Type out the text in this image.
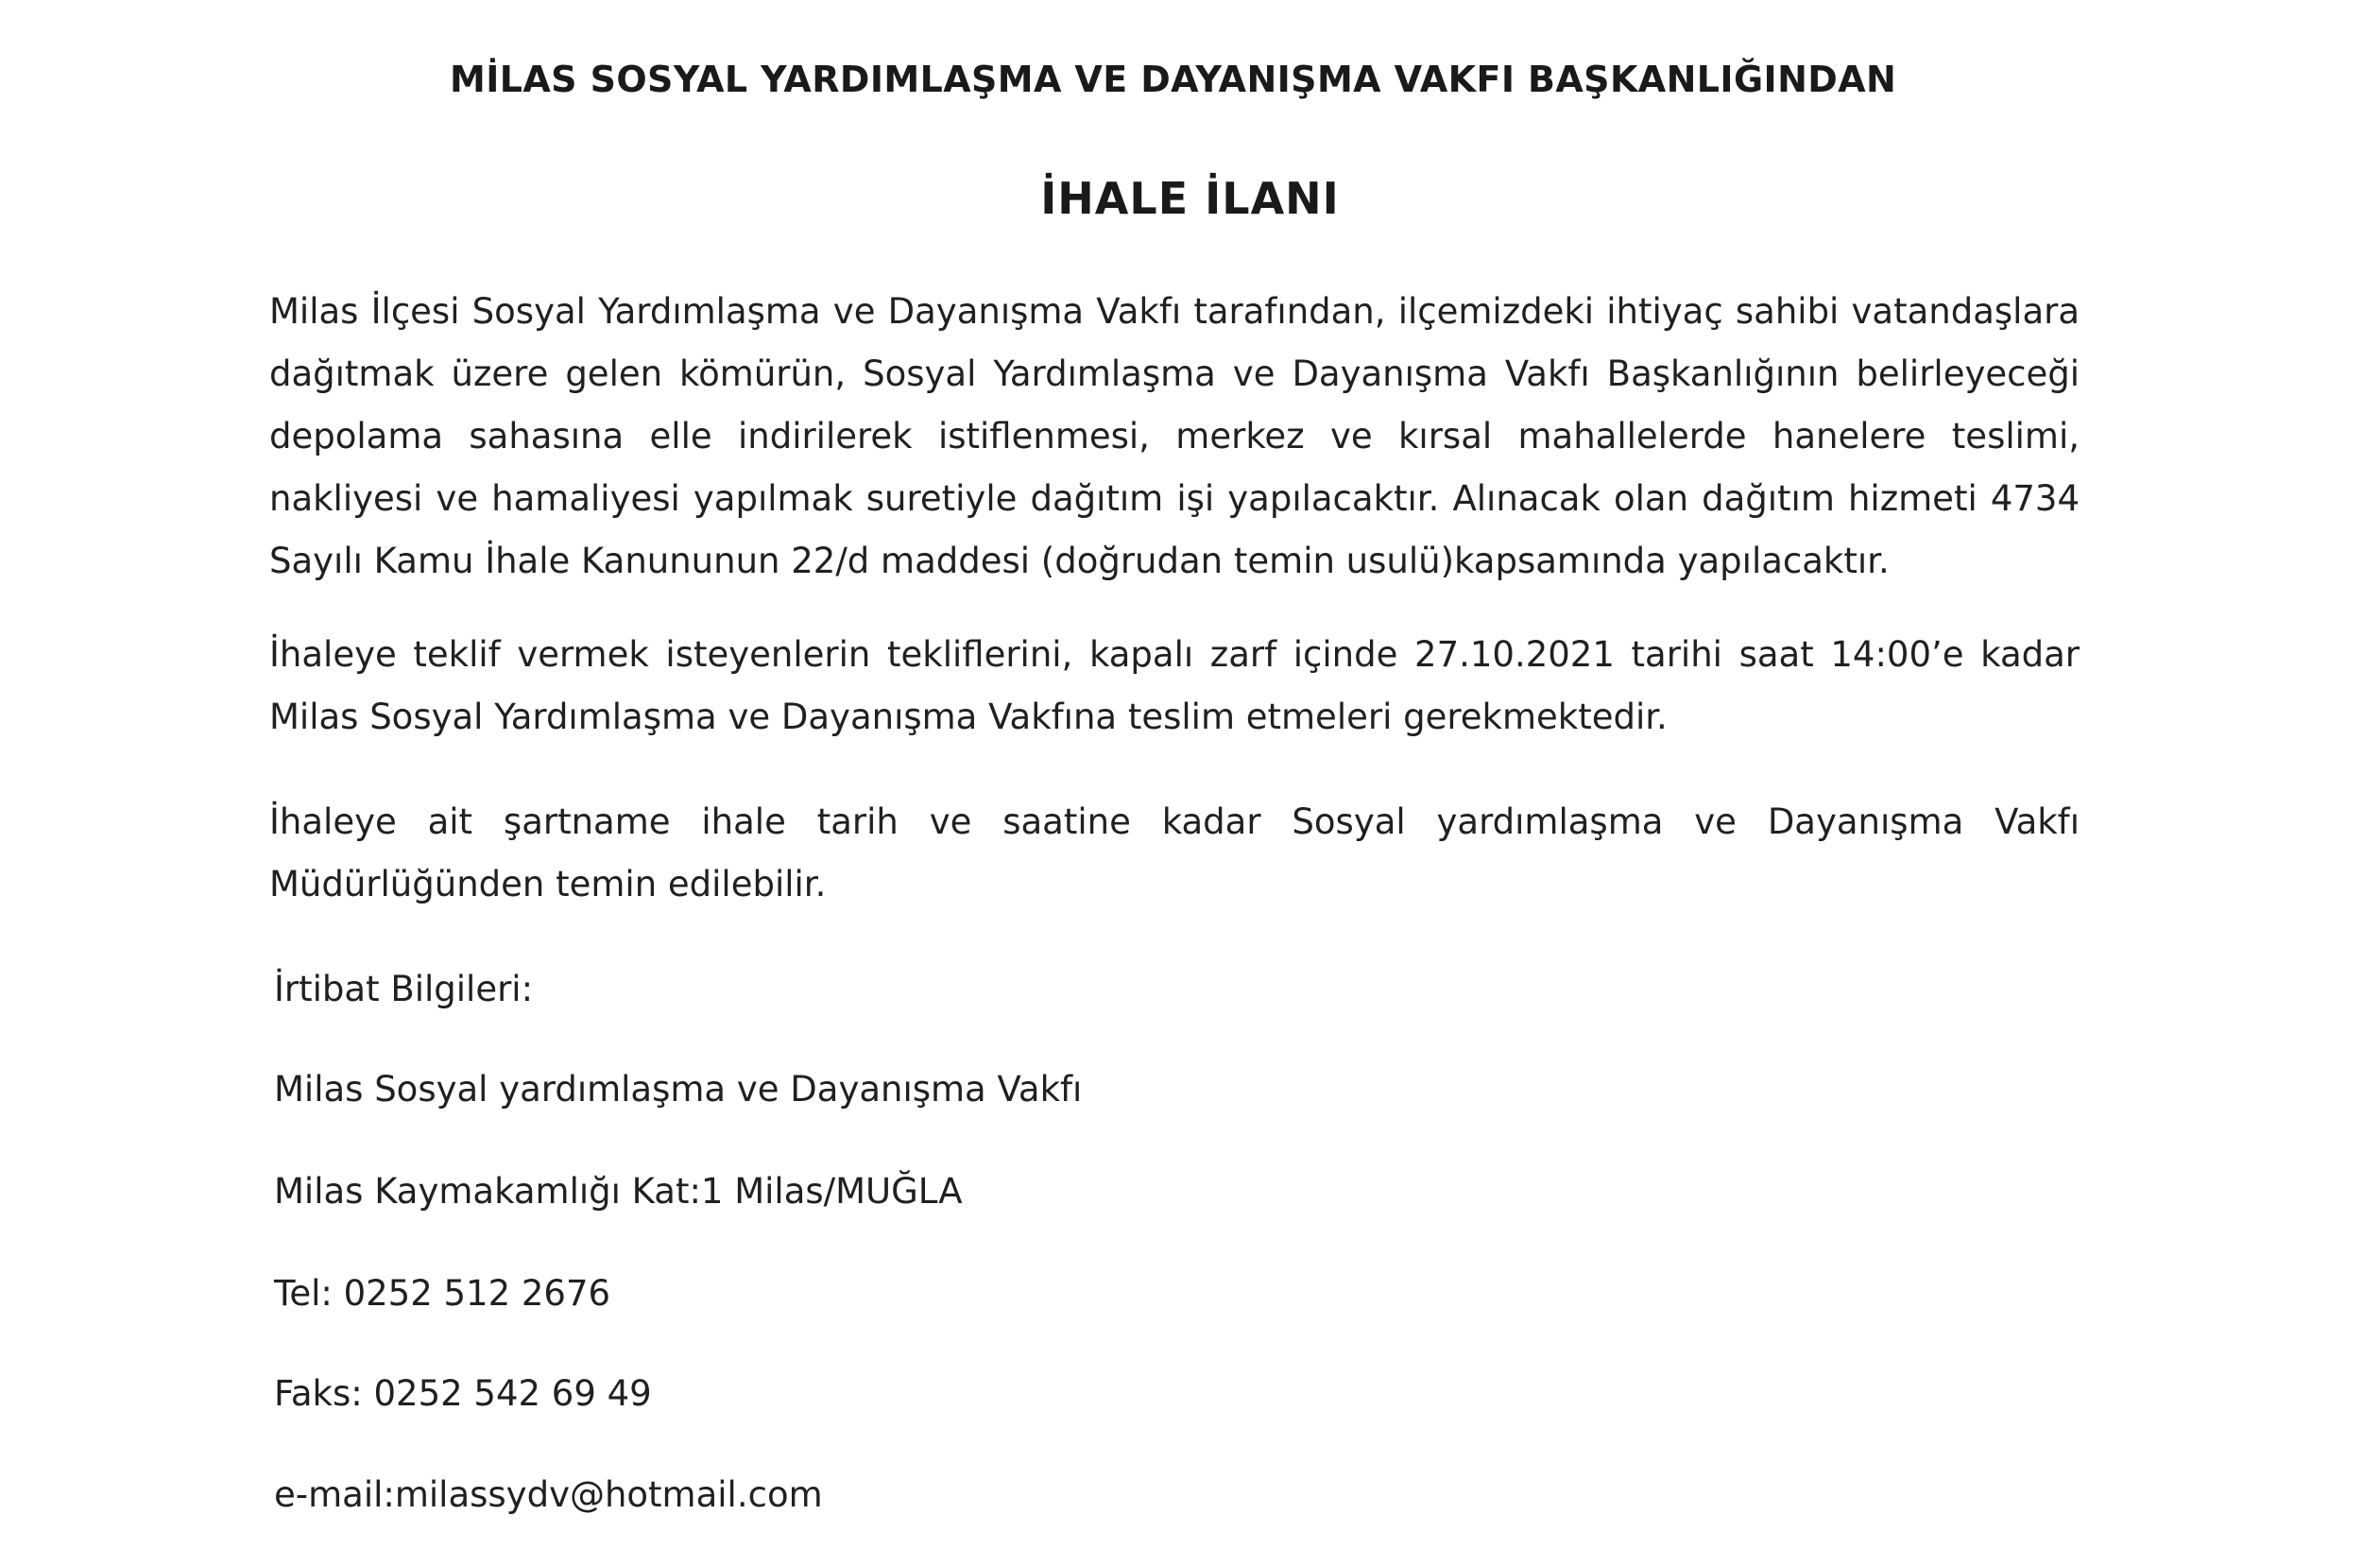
MİLAS SOSYAL YARDIMLAŞMA VE DAYANIŞMA VAKFI BAŞKANLIĞINDAN
İHALE İLANI
Milas İlçesi Sosyal Yardımlaşma ve Dayanışma Vakfı tarafından, ilçemizdeki ihtiyaç sahibi vatandaşlara dağıtmak üzere gelen kömürün, Sosyal Yardımlaşma ve Dayanışma Vakfı Başkanlığının belirleyeceği depolama sahasına elle indirilerek istiflenmesi, merkez ve kırsal mahallelerde hanelere teslimi, nakliyesi ve hamaliyesi yapılmak suretiyle dağıtım işi yapılacaktır. Alınacak olan dağıtım hizmeti 4734 Sayılı Kamu İhale Kanununun 22/d maddesi (doğrudan temin usulü)kapsamında yapılacaktır.
İhaleye teklif vermek isteyenlerin tekliflerini, kapalı zarf içinde 27.10.2021 tarihi saat 14:00’e kadar Milas Sosyal Yardımlaşma ve Dayanışma Vakfına teslim etmeleri gerekmektedir.
İhaleye ait şartname ihale tarih ve saatine kadar Sosyal yardımlaşma ve Dayanışma Vakfı Müdürlüğünden temin edilebilir.
İrtibat Bilgileri:
Milas Sosyal yardımlaşma ve Dayanışma Vakfı
Milas Kaymakamlığı Kat:1 Milas/MUĞLA
Tel: 0252 512 2676
Faks: 0252 542 69 49
e-mail:milassydv@hotmail.com
